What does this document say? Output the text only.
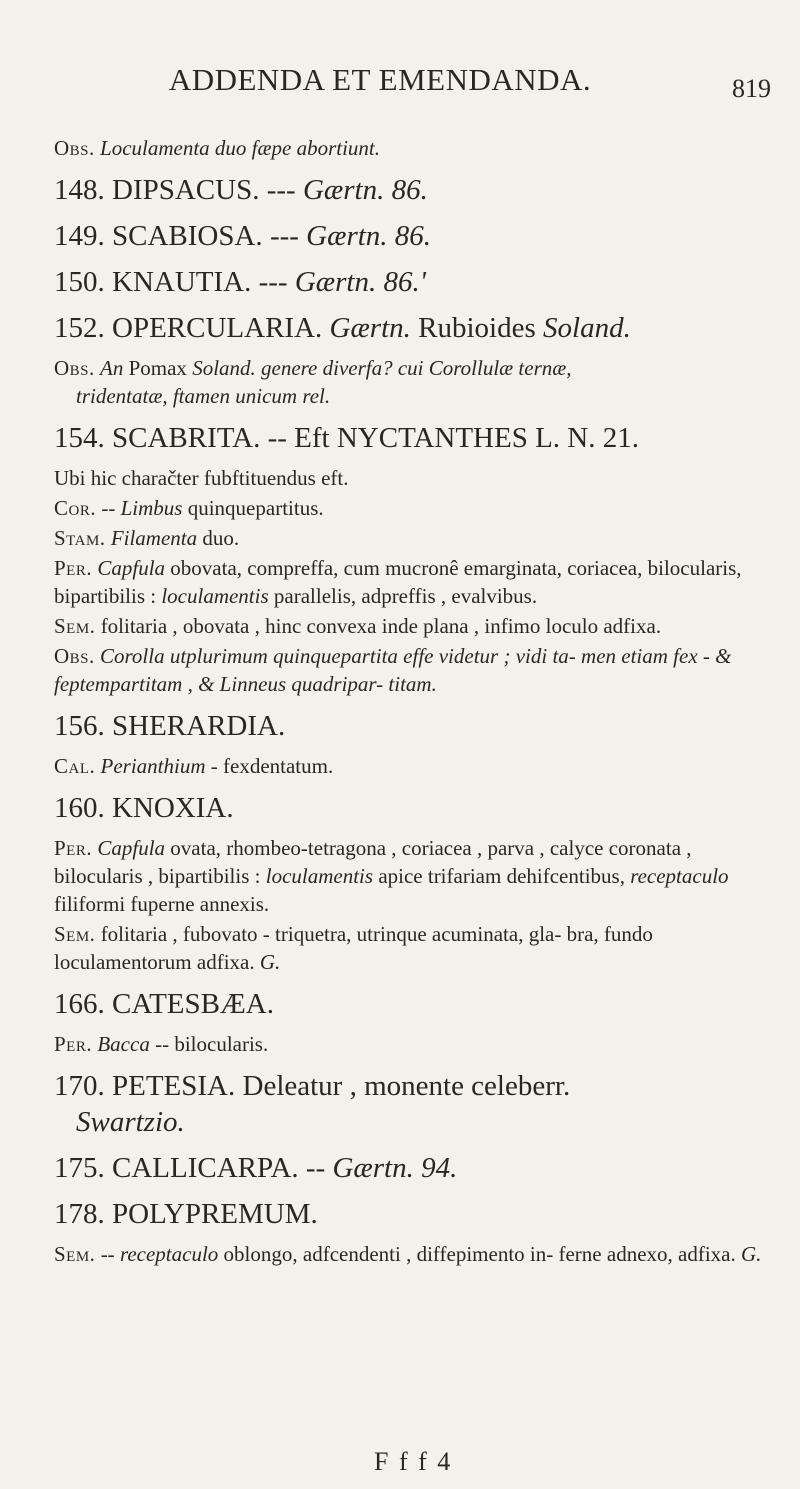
ADDENDA ET EMENDANDA.	819
Obs. Loculamenta duo fæpe abortiunt.
148. DIPSACUS. --- Gærtn. 86.
149. SCABIOSA. --- Gærtn. 86.
150. KNAUTIA. --- Gærtn. 86.'
152. OPERCULARIA. Gærtn. Rubioides Soland.
Obs. An Pomax Soland. genere diverfa? cui Corollulæ ternæ,
tridentatæ, ftamen unicum rel.
154. SCABRITA. -- Eft NYCTANTHES L. N. 21.
Ubi hic charačter fubftituendus eft.
Cor. -- Limbus quinquepartitus.
Stam. Filamenta duo.
Per. Capfula obovata, compreffa, cum mucronê emarginata, coriacea, bilocularis, bipartibilis : loculamentis parallelis, adpreffis , evalvibus.
Sem. folitaria , obovata , hinc convexa inde plana , infimo loculo adfixa.
Obs. Corolla utplurimum quinquepartita effe videtur ; vidi ta- men etiam fex - & feptempartitam , & Linneus quadripar- titam.
156. SHERARDIA.
Cal. Perianthium - fexdentatum.
160. KNOXIA.
Per. Capfula ovata, rhombeo-tetragona , coriacea , parva , calyce coronata , bilocularis , bipartibilis : loculamentis apice trifariam dehifcentibus, receptaculo filiformi fuperne annexis.
Sem. folitaria , fubovato - triquetra, utrinque acuminata, gla- bra, fundo loculamentorum adfixa. G.
166. CATESBÆA.
Per. Bacca -- bilocularis.
170. PETESIA. Deleatur , monente celeberr.
Swartzio.
175. CALLICARPA. -- Gærtn. 94.
178. POLYPREMUM.
Sem. -- receptaculo oblongo, adfcendenti , diffepimento in- ferne adnexo, adfixa. G.
F f f 4
